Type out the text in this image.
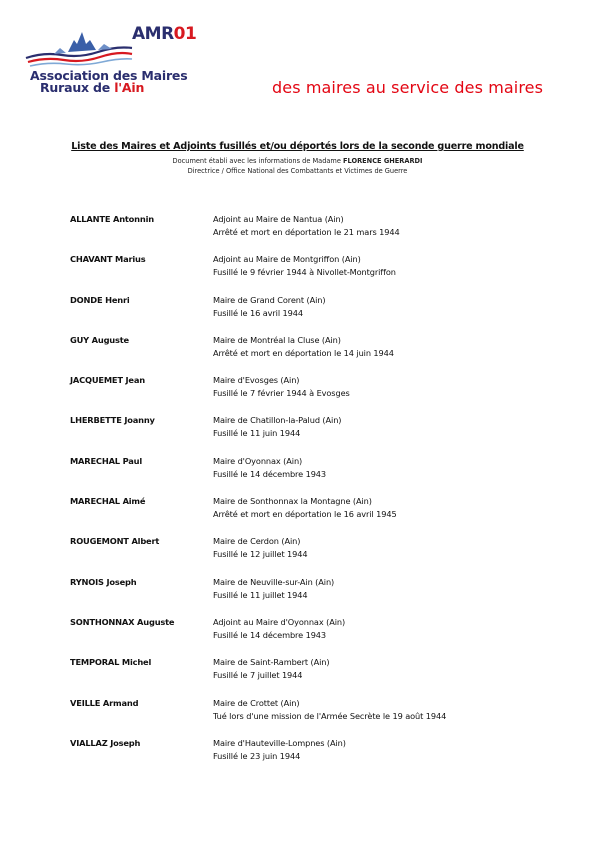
AMR01
Association des Maires
Ruraux de l'Ain	des maires au service des maires
Liste des Maires et Adjoints fusillés et/ou déportés lors de la seconde guerre mondiale
Document établi avec les informations de Madame FLORENCE GHERARDI
Directrice / Office National des Combattants et Victimes de Guerre
ALLANTE Antonnin	Adjoint au Maire de Nantua (Ain)
Arrêté et mort en déportation le 21 mars 1944
CHAVANT Marius	Adjoint au Maire de Montgriffon (Ain)
Fusillé le 9 février 1944 à Nivollet-Montgriffon
DONDE Henri	Maire de Grand Corent (Ain)
Fusillé le 16 avril 1944
GUY Auguste	Maire de Montréal la Cluse (Ain)
Arrêté et mort en déportation le 14 juin 1944
JACQUEMET Jean	Maire d'Evosges (Ain)
Fusillé le 7 février 1944 à Evosges
LHERBETTE Joanny	Maire de Chatillon-la-Palud (Ain)
Fusillé le 11 juin 1944
MARECHAL Paul	Maire d'Oyonnax (Ain)
Fusillé le 14 décembre 1943
MARECHAL Aimé	Maire de Sonthonnax la Montagne (Ain)
Arrêté et mort en déportation le 16 avril 1945
ROUGEMONT Albert	Maire de Cerdon (Ain)
Fusillé le 12 juillet 1944
RYNOIS Joseph	Maire de Neuville-sur-Ain (Ain)
Fusillé le 11 juillet 1944
SONTHONNAX Auguste	Adjoint au Maire d'Oyonnax (Ain)
Fusillé le 14 décembre 1943
TEMPORAL Michel	Maire de Saint-Rambert (Ain)
Fusillé le 7 juillet 1944
VEILLE Armand	Maire de Crottet (Ain)
Tué lors d'une mission de l'Armée Secrète le 19 août 1944
VIALLAZ Joseph	Maire d'Hauteville-Lompnes (Ain)
Fusillé le 23 juin 1944
